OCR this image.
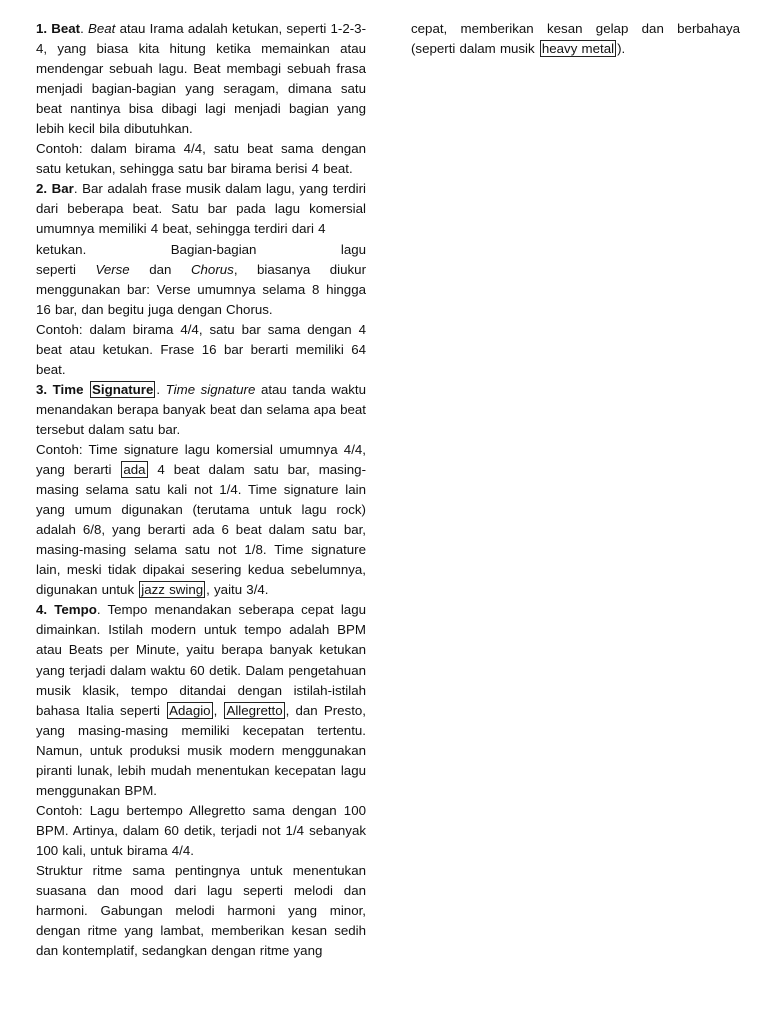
1. Beat. Beat atau Irama adalah ketukan, seperti 1-2-3-4, yang biasa kita hitung ketika memainkan atau mendengar sebuah lagu. Beat membagi sebuah frasa menjadi bagian-bagian yang seragam, dimana satu beat nantinya bisa dibagi lagi menjadi bagian yang lebih kecil bila dibutuhkan.

Contoh: dalam birama 4/4, satu beat sama dengan satu ketukan, sehingga satu bar birama berisi 4 beat.

2. Bar. Bar adalah frase musik dalam lagu, yang terdiri dari beberapa beat. Satu bar pada lagu komersial umumnya memiliki 4 beat, sehingga terdiri dari 4

ketukan.	Bagian-bagian	lagu

seperti Verse dan Chorus, biasanya diukur menggunakan bar: Verse umumnya selama 8 hingga 16 bar, dan begitu juga dengan Chorus.

Contoh: dalam birama 4/4, satu bar sama dengan 4 beat atau ketukan. Frase 16 bar berarti memiliki 64 beat.

3. Time Signature . Time signature atau tanda waktu menandakan berapa banyak beat dan selama apa beat tersebut dalam satu bar.

Contoh: Time signature lagu komersial umumnya 4/4, yang berarti ada 4 beat dalam satu bar, masing-masing selama satu kali not 1/4. Time signature lain yang umum digunakan (terutama untuk lagu rock) adalah 6/8, yang berarti ada 6 beat dalam satu bar, masing-masing selama satu not 1/8. Time signature lain, meski tidak dipakai sesering kedua sebelumnya, digunakan untuk jazz swing , yaitu 3/4.

4. Tempo. Tempo menandakan seberapa cepat lagu dimainkan. Istilah modern untuk tempo adalah BPM atau Beats per Minute, yaitu berapa banyak ketukan yang terjadi dalam waktu 60 detik. Dalam pengetahuan musik klasik, tempo ditandai dengan istilah-istilah bahasa Italia seperti Adagio , Allegretto , dan Presto, yang masing-masing memiliki kecepatan tertentu. Namun, untuk produksi musik modern menggunakan piranti lunak, lebih mudah menentukan kecepatan lagu menggunakan BPM.

Contoh: Lagu bertempo Allegretto sama dengan 100 BPM. Artinya, dalam 60 detik, terjadi not 1/4 sebanyak 100 kali, untuk birama 4/4.

Struktur ritme sama pentingnya untuk menentukan suasana dan mood dari lagu seperti melodi dan harmoni. Gabungan melodi harmoni yang minor, dengan ritme yang lambat, memberikan kesan sedih dan kontemplatif, sedangkan dengan ritme yang

cepat, memberikan kesan gelap dan berbahaya (seperti dalam musik heavy metal ).
